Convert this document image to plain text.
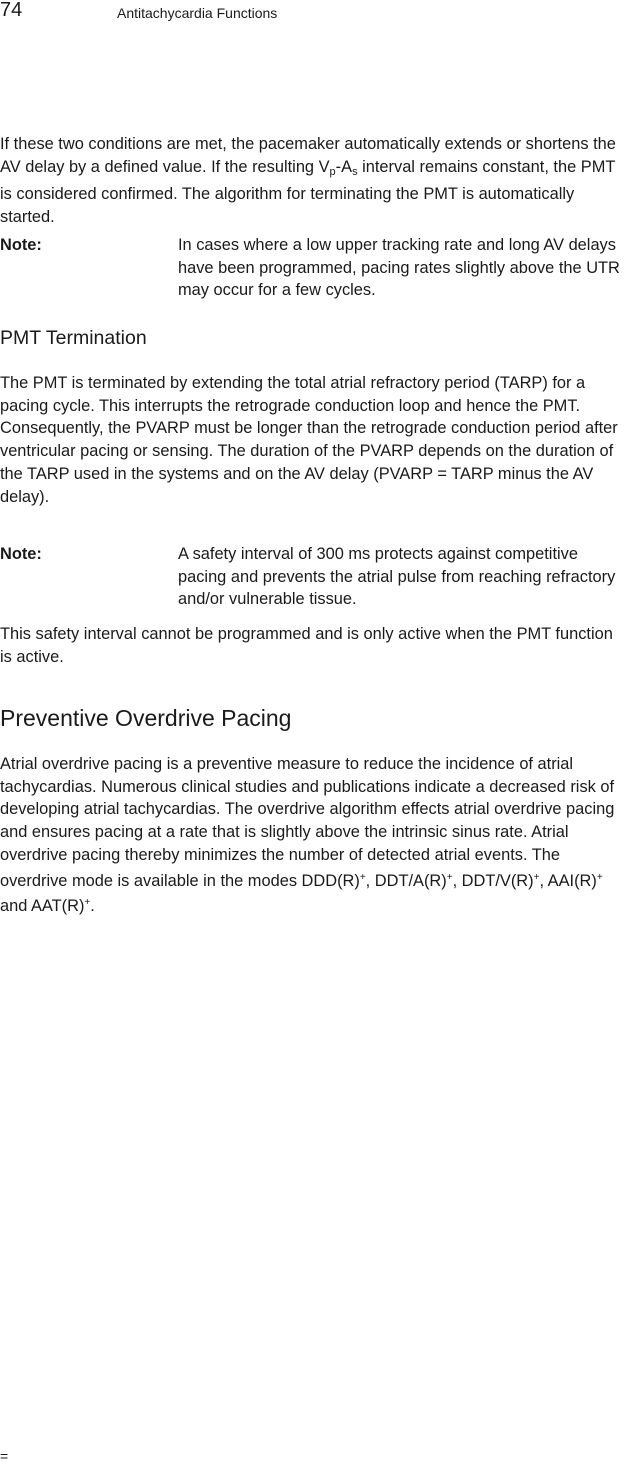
74	Antitachycardia Functions

If these two conditions are met, the pacemaker automatically extends or shortens the AV delay by a defined value. If the resulting $V_p-A_s$ interval remains constant, the PMT is considered confirmed. The algorithm for terminating the PMT is automatically started.

Note:	In cases where a low upper tracking rate and long AV delays have been programmed, pacing rates slightly above the UTR may occur for a few cycles.
PMT Termination

The PMT is terminated by extending the total atrial refractory period (TARP) for a pacing cycle. This interrupts the retrograde conduction loop and hence the PMT. Consequently, the PVARP must be longer than the retrograde conduction period after ventricular pacing or sensing. The duration of the PVARP depends on the duration of the TARP used in the systems and on the AV delay (PVARP = TARP minus the AV delay).

Note:	A safety interval of 300 ms protects against competitive pacing and prevents the atrial pulse from reaching refractory and/or vulnerable tissue.

This safety interval cannot be programmed and is only active when the PMT function is active.

Preventive Overdrive Pacing

Atrial overdrive pacing is a preventive measure to reduce the incidence of atrial tachycardias. Numerous clinical studies and publications indicate a decreased risk of developing atrial tachycardias. The overdrive algorithm effects atrial overdrive pacing and ensures pacing at a rate that is slightly above the intrinsic sinus rate. Atrial overdrive pacing thereby minimizes the number of detected atrial events. The overdrive mode is available in the modes DDD(R)+, DDT/A(R)+, DDT/V(R)+, AAI(R)+ and AAT(R)+.

=
